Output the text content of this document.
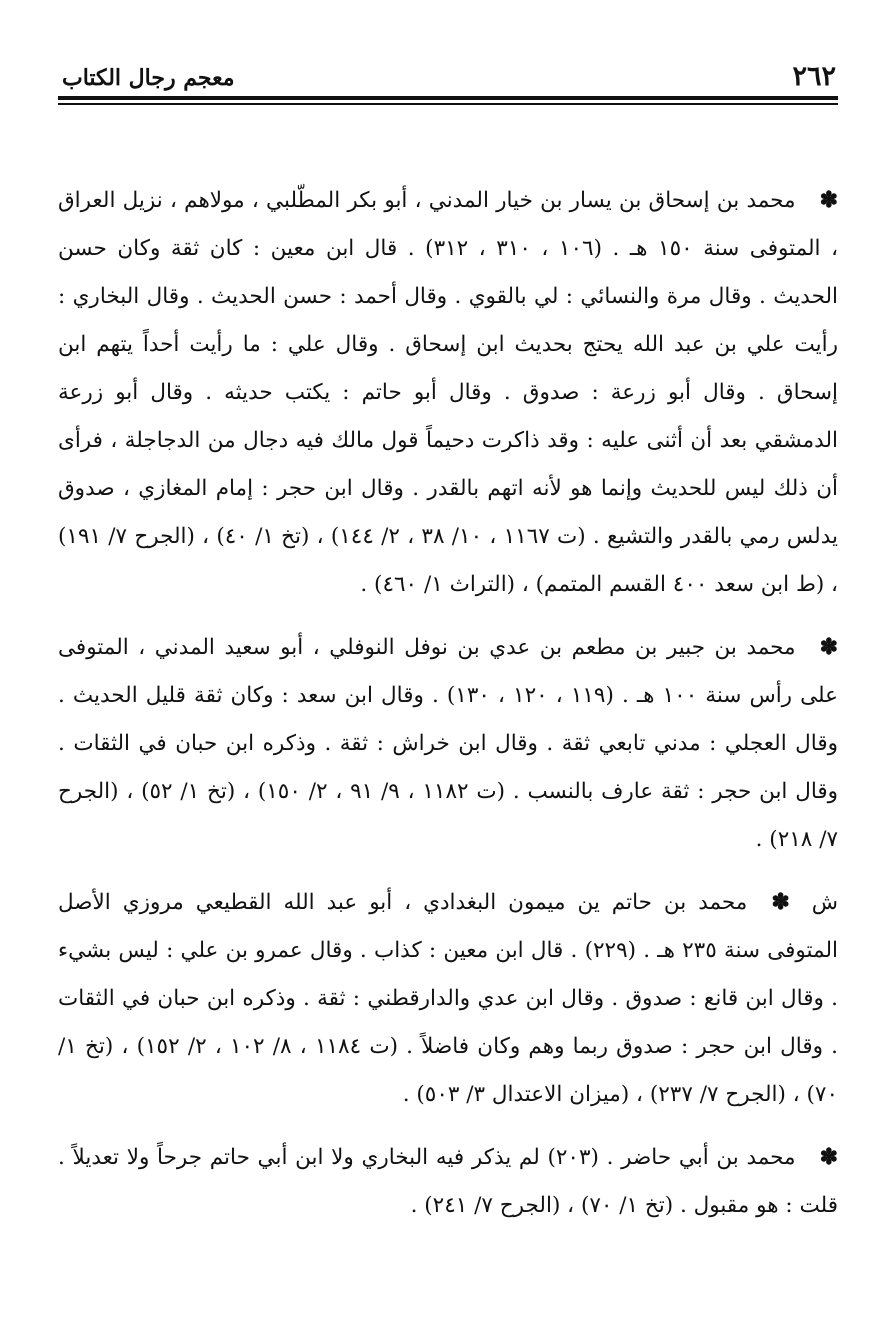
٢٦٢
معجم رجال الكتاب

✽محمد بن إسحاق بن يسار بن خيار المدني ، أبو بكر المطّلبي ، مولاهم ، نزيل العراق ، المتوفى سنة ١٥٠ هـ . (١٠٦ ، ٣١٠ ، ٣١٢) . قال ابن معين : كان ثقة وكان حسن الحديث . وقال مرة والنسائي : لي بالقوي . وقال أحمد : حسن الحديث . وقال البخاري : رأيت علي بن عبد الله يحتج بحديث ابن إسحاق . وقال علي : ما رأيت أحداً يتهم ابن إسحاق . وقال أبو زرعة : صدوق . وقال أبو حاتم : يكتب حديثه . وقال أبو زرعة الدمشقي بعد أن أثنى عليه : وقد ذاكرت دحيماً قول مالك فيه دجال من الدجاجلة ، فرأى أن ذلك ليس للحديث وإنما هو لأنه اتهم بالقدر . وقال ابن حجر : إمام المغازي ، صدوق يدلس رمي بالقدر والتشيع . (ت ١١٦٧ ، ١٠/ ٣٨ ، ٢/ ١٤٤) ، (تخ ١/ ٤٠) ، (الجرح ٧/ ١٩١) ، (ط ابن سعد ٤٠٠ القسم المتمم) ، (التراث ١/ ٤٦٠) .

✽محمد بن جبير بن مطعم بن عدي بن نوفل النوفلي ، أبو سعيد المدني ، المتوفى على رأس سنة ١٠٠ هـ . (١١٩ ، ١٢٠ ، ١٣٠) . وقال ابن سعد : وكان ثقة قليل الحديث . وقال العجلي : مدني تابعي ثقة . وقال ابن خراش : ثقة . وذكره ابن حبان في الثقات . وقال ابن حجر : ثقة عارف بالنسب . (ت ١١٨٢ ، ٩/ ٩١ ، ٢/ ١٥٠) ، (تخ ١/ ٥٢) ، (الجرح ٧/ ٢١٨) .

ش✽محمد بن حاتم ين ميمون البغدادي ، أبو عبد الله القطيعي مروزي الأصل المتوفى سنة ٢٣٥ هـ . (٢٢٩) . قال ابن معين : كذاب . وقال عمرو بن علي : ليس بشيء . وقال ابن قانع : صدوق . وقال ابن عدي والدارقطني : ثقة . وذكره ابن حبان في الثقات . وقال ابن حجر : صدوق ربما وهم وكان فاضلاً . (ت ١١٨٤ ، ٨/ ١٠٢ ، ٢/ ١٥٢) ، (تخ ١/ ٧٠) ، (الجرح ٧/ ٢٣٧) ، (ميزان الاعتدال ٣/ ٥٠٣) .

✽محمد بن أبي حاضر . (٢٠٣) لم يذكر فيه البخاري ولا ابن أبي حاتم جرحاً ولا تعديلاً . قلت : هو مقبول . (تخ ١/ ٧٠) ، (الجرح ٧/ ٢٤١) .
